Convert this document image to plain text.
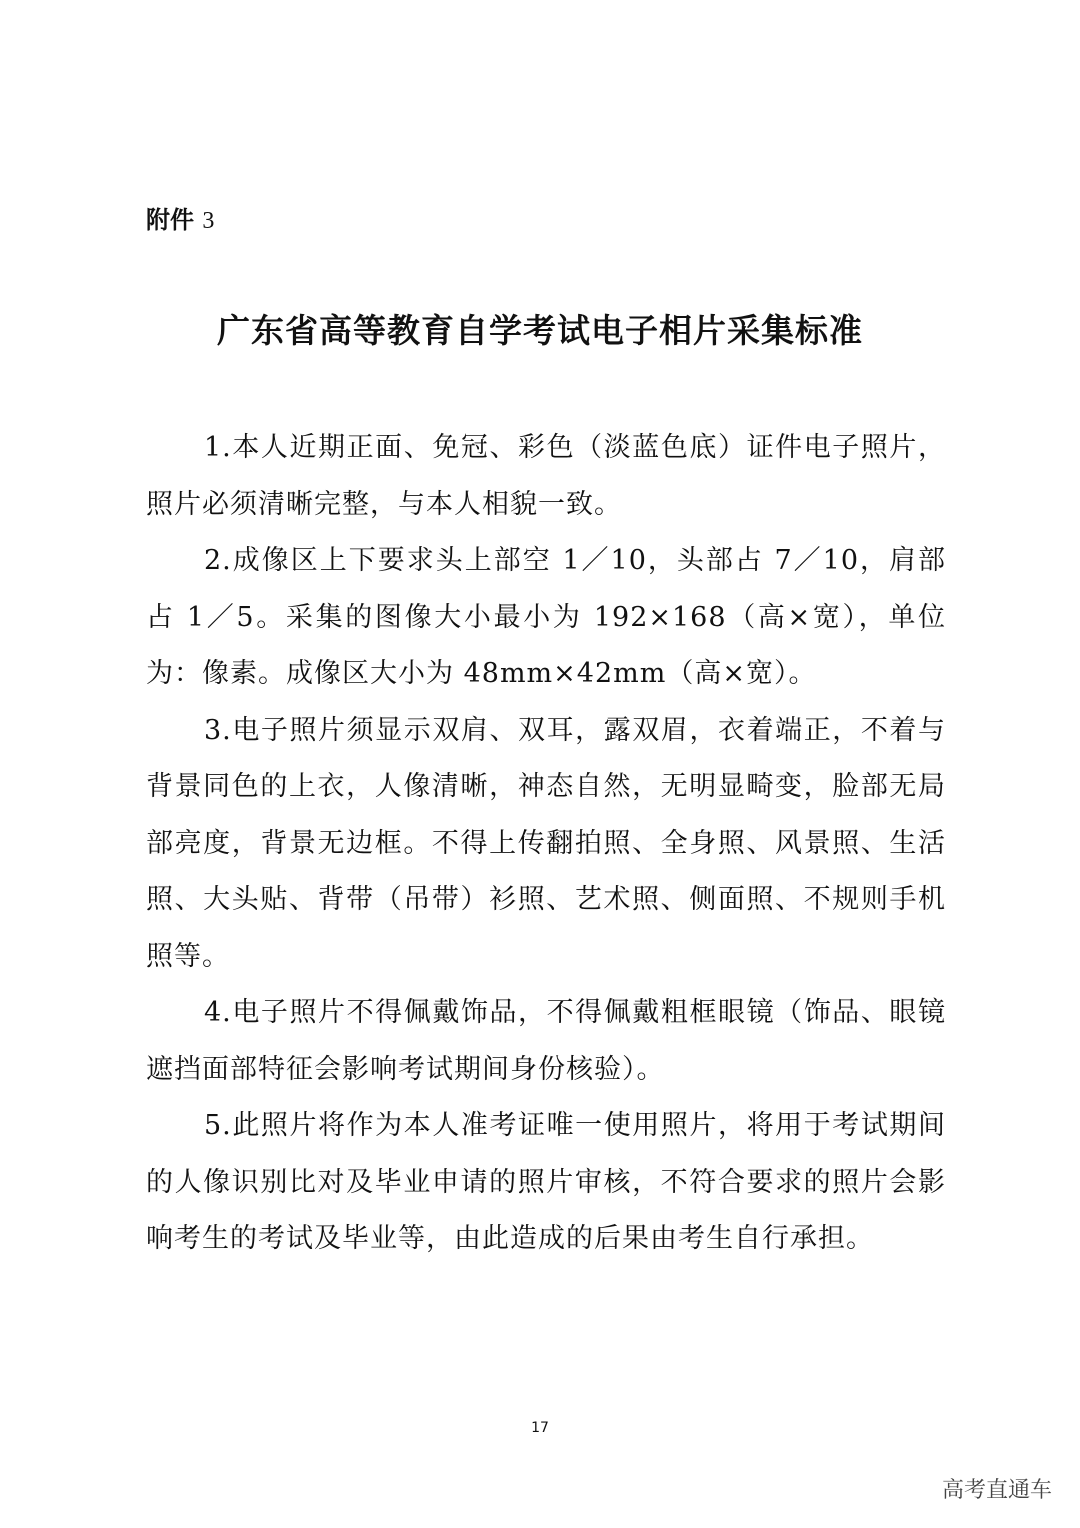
附件 3
广东省高等教育自学考试电子相片采集标准

1.本人近期正面、免冠、彩色（淡蓝色底）证件电子照片，照片必须清晰完整，与本人相貌一致。

2.成像区上下要求头上部空 1／10，头部占 7／10，肩部占 1／5。采集的图像大小最小为 192×168（高×宽），单位为：像素。成像区大小为 48mm×42mm（高×宽）。

3.电子照片须显示双肩、双耳，露双眉，衣着端正，不着与背景同色的上衣，人像清晰，神态自然，无明显畸变，脸部无局部亮度，背景无边框。不得上传翻拍照、全身照、风景照、生活照、大头贴、背带（吊带）衫照、艺术照、侧面照、不规则手机照等。

4.电子照片不得佩戴饰品，不得佩戴粗框眼镜（饰品、眼镜遮挡面部特征会影响考试期间身份核验）。

5.此照片将作为本人准考证唯一使用照片，将用于考试期间的人像识别比对及毕业申请的照片审核，不符合要求的照片会影响考生的考试及毕业等，由此造成的后果由考生自行承担。

17
高考直通车
